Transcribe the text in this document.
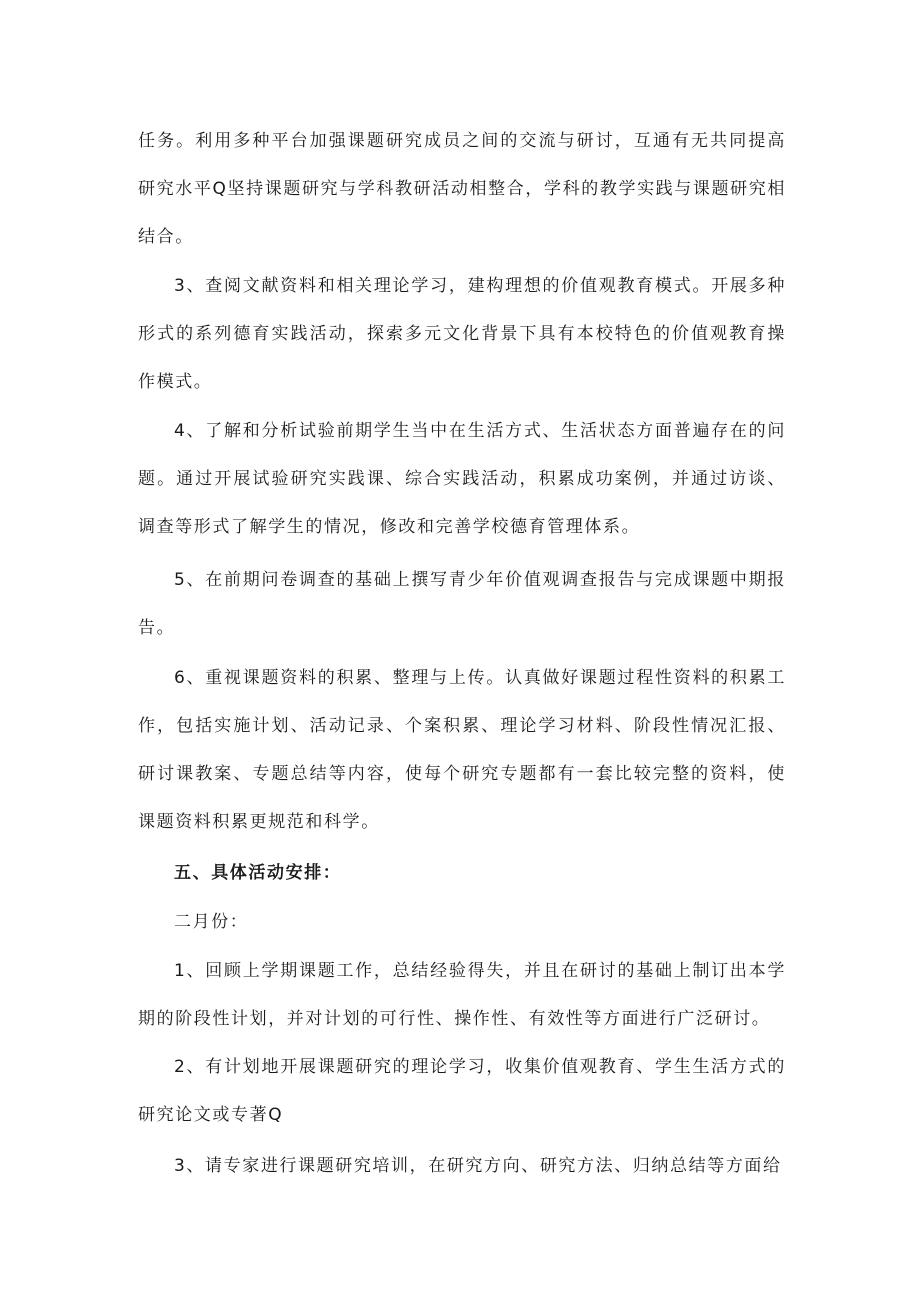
任务。利用多种平台加强课题研究成员之间的交流与研讨，互通有无共同提高研究水平Q坚持课题研究与学科教研活动相整合，学科的教学实践与课题研究相结合。

3、查阅文献资料和相关理论学习，建构理想的价值观教育模式。开展多种形式的系列德育实践活动，探索多元文化背景下具有本校特色的价值观教育操作模式。

4、了解和分析试验前期学生当中在生活方式、生活状态方面普遍存在的问题。通过开展试验研究实践课、综合实践活动，积累成功案例，并通过访谈、调查等形式了解学生的情况，修改和完善学校德育管理体系。

5、在前期问卷调查的基础上撰写青少年价值观调查报告与完成课题中期报告。

6、重视课题资料的积累、整理与上传。认真做好课题过程性资料的积累工作，包括实施计划、活动记录、个案积累、理论学习材料、阶段性情况汇报、研讨课教案、专题总结等内容，使每个研究专题都有一套比较完整的资料，使课题资料积累更规范和科学。

五、具体活动安排：

二月份：

1、回顾上学期课题工作，总结经验得失，并且在研讨的基础上制订出本学期的阶段性计划，并对计划的可行性、操作性、有效性等方面进行广泛研讨。

2、有计划地开展课题研究的理论学习，收集价值观教育、学生生活方式的研究论文或专著Q

3、请专家进行课题研究培训，在研究方向、研究方法、归纳总结等方面给
